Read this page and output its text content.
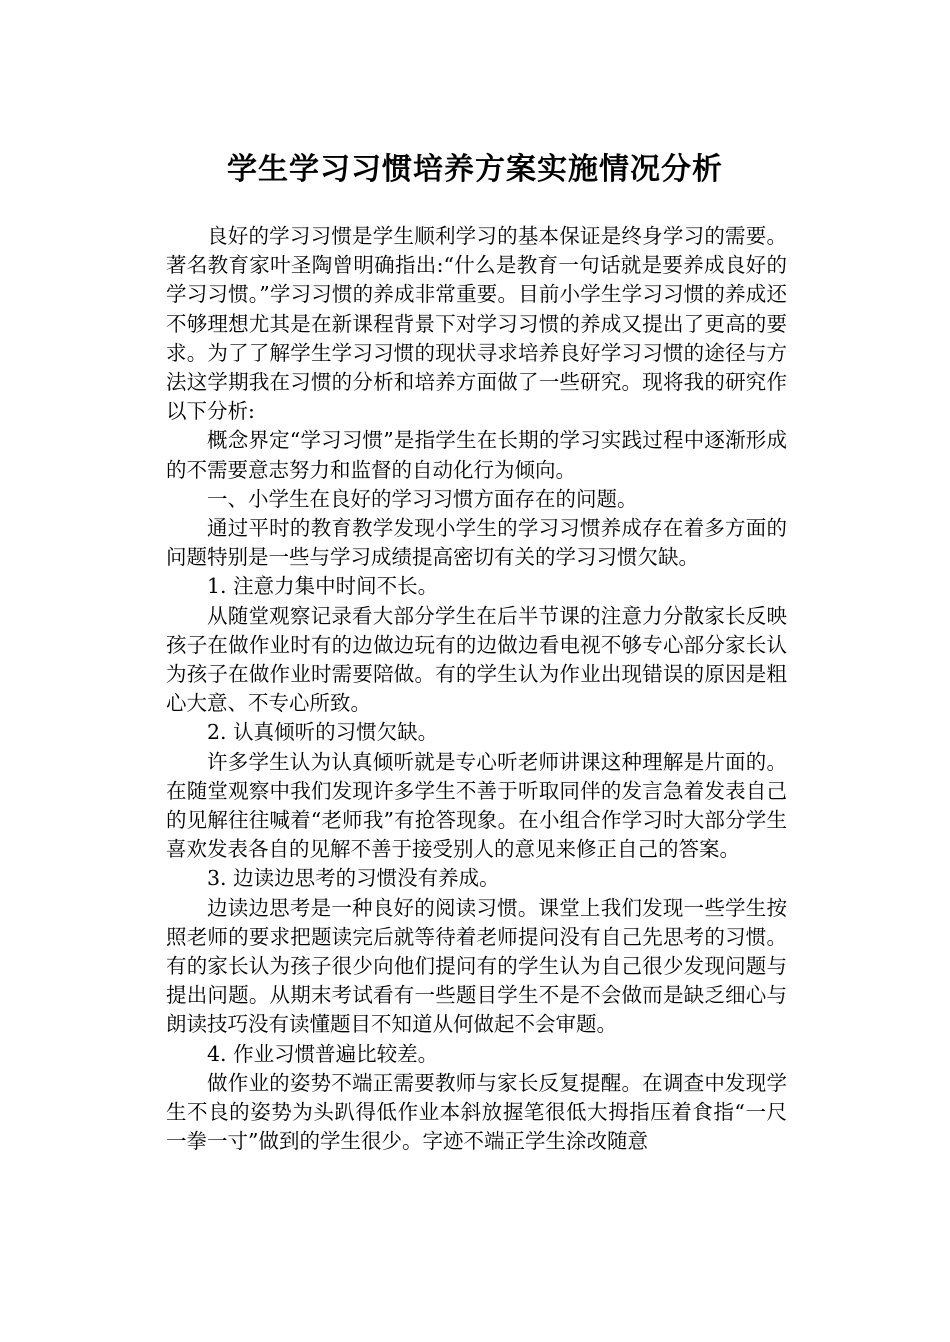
学生学习习惯培养方案实施情况分析

良好的学习习惯是学生顺利学习的基本保证是终身学习的需要。著名教育家叶圣陶曾明确指出:“什么是教育一句话就是要养成良好的学习习惯。”学习习惯的养成非常重要。目前小学生学习习惯的养成还不够理想尤其是在新课程背景下对学习习惯的养成又提出了更高的要求。为了了解学生学习习惯的现状寻求培养良好学习习惯的途径与方法这学期我在习惯的分析和培养方面做了一些研究。现将我的研究作以下分析:

概念界定“学习习惯”是指学生在长期的学习实践过程中逐渐形成的不需要意志努力和监督的自动化行为倾向。

一、小学生在良好的学习习惯方面存在的问题。

通过平时的教育教学发现小学生的学习习惯养成存在着多方面的问题特别是一些与学习成绩提高密切有关的学习习惯欠缺。

1. 注意力集中时间不长。

从随堂观察记录看大部分学生在后半节课的注意力分散家长反映孩子在做作业时有的边做边玩有的边做边看电视不够专心部分家长认为孩子在做作业时需要陪做。有的学生认为作业出现错误的原因是粗心大意、不专心所致。

2. 认真倾听的习惯欠缺。

许多学生认为认真倾听就是专心听老师讲课这种理解是片面的。在随堂观察中我们发现许多学生不善于听取同伴的发言急着发表自己的见解往往喊着“老师我”有抢答现象。在小组合作学习时大部分学生喜欢发表各自的见解不善于接受别人的意见来修正自己的答案。

3. 边读边思考的习惯没有养成。

边读边思考是一种良好的阅读习惯。课堂上我们发现一些学生按照老师的要求把题读完后就等待着老师提问没有自己先思考的习惯。有的家长认为孩子很少向他们提问有的学生认为自己很少发现问题与提出问题。从期末考试看有一些题目学生不是不会做而是缺乏细心与朗读技巧没有读懂题目不知道从何做起不会审题。

4. 作业习惯普遍比较差。

做作业的姿势不端正需要教师与家长反复提醒。在调查中发现学生不良的姿势为头趴得低作业本斜放握笔很低大拇指压着食指“一尺一拳一寸”做到的学生很少。字迹不端正学生涂改随意
